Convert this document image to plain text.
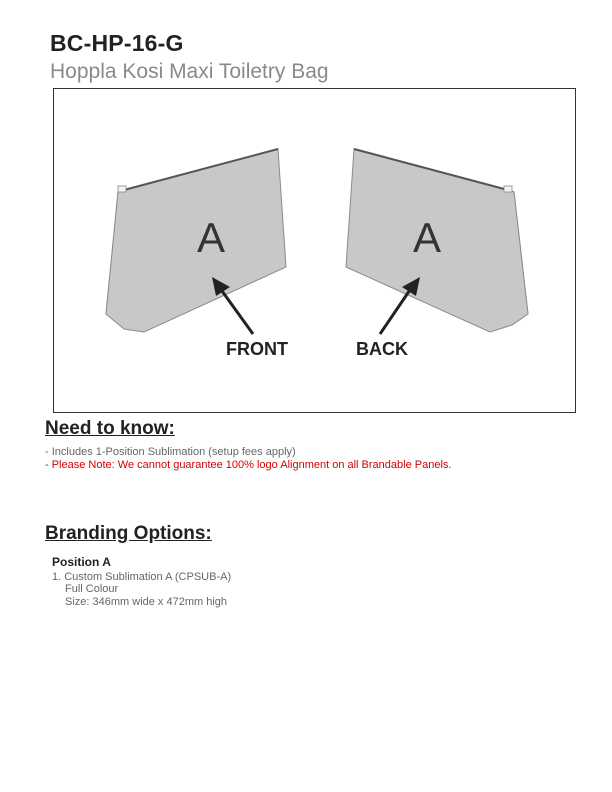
BC-HP-16-G
Hoppla Kosi Maxi Toiletry Bag
A
FRONT
A
BACK
Need to know:
- Includes 1-Position Sublimation (setup fees apply)
- Please Note: We cannot guarantee 100% logo Alignment on all Brandable Panels.
Branding Options:
Position A
1. Custom Sublimation A (CPSUB-A)
Full Colour
Size: 346mm wide x 472mm high
